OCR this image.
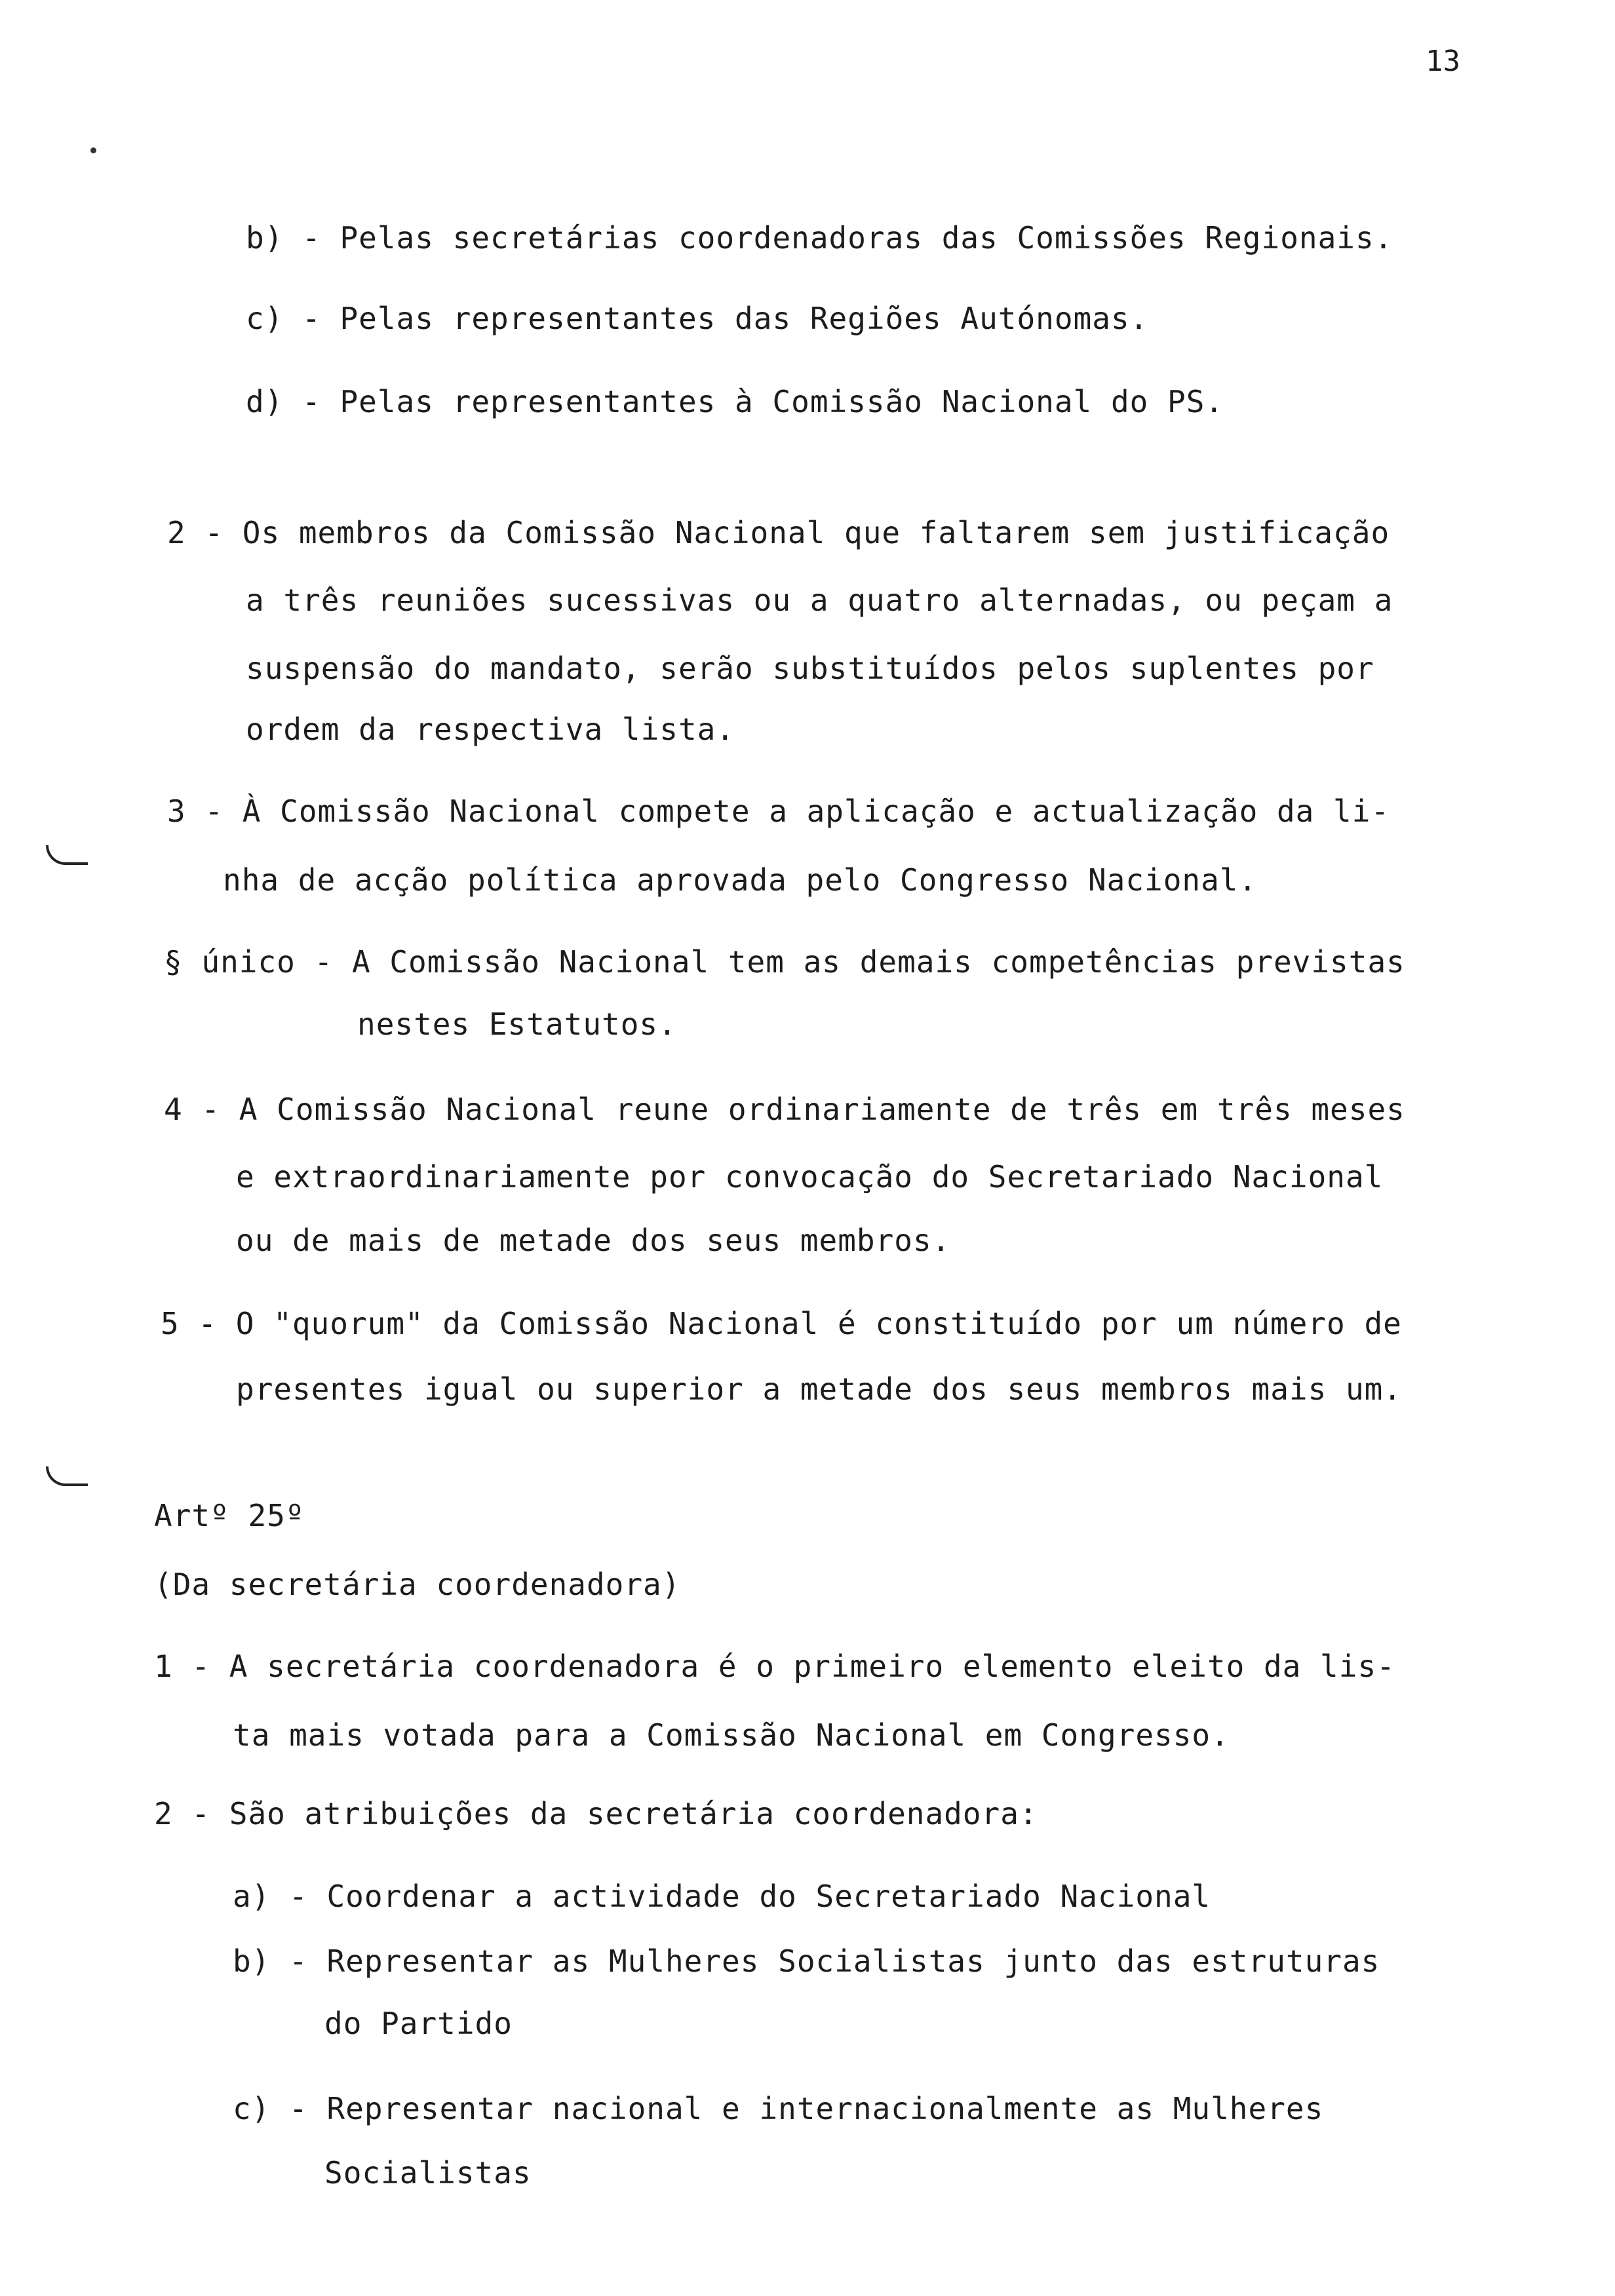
13
b) - Pelas secretárias coordenadoras das Comissões Regionais.
c) - Pelas representantes das Regiões Autónomas.
d) - Pelas representantes à Comissão Nacional do PS.
2 - Os membros da Comissão Nacional que faltarem sem justificação
a três reuniões sucessivas ou a quatro alternadas, ou peçam a
suspensão do mandato, serão substituídos pelos suplentes por
ordem da respectiva lista.
3 - À Comissão Nacional compete a aplicação e actualização da li-
nha de acção política aprovada pelo Congresso Nacional.
§ único - A Comissão Nacional tem as demais competências previstas
nestes Estatutos.
4 - A Comissão Nacional reune ordinariamente de três em três meses
e extraordinariamente por convocação do Secretariado Nacional
ou de mais de metade dos seus membros.
5 - O "quorum" da Comissão Nacional é constituído por um número de
presentes igual ou superior a metade dos seus membros mais um.
Artº 25º
(Da secretária coordenadora)
1 - A secretária coordenadora é o primeiro elemento eleito da lis-
ta mais votada para a Comissão Nacional em Congresso.
2 - São atribuições da secretária coordenadora:
a) - Coordenar a actividade do Secretariado Nacional
b) - Representar as Mulheres Socialistas junto das estruturas
do Partido
c) - Representar nacional e internacionalmente as Mulheres
Socialistas
